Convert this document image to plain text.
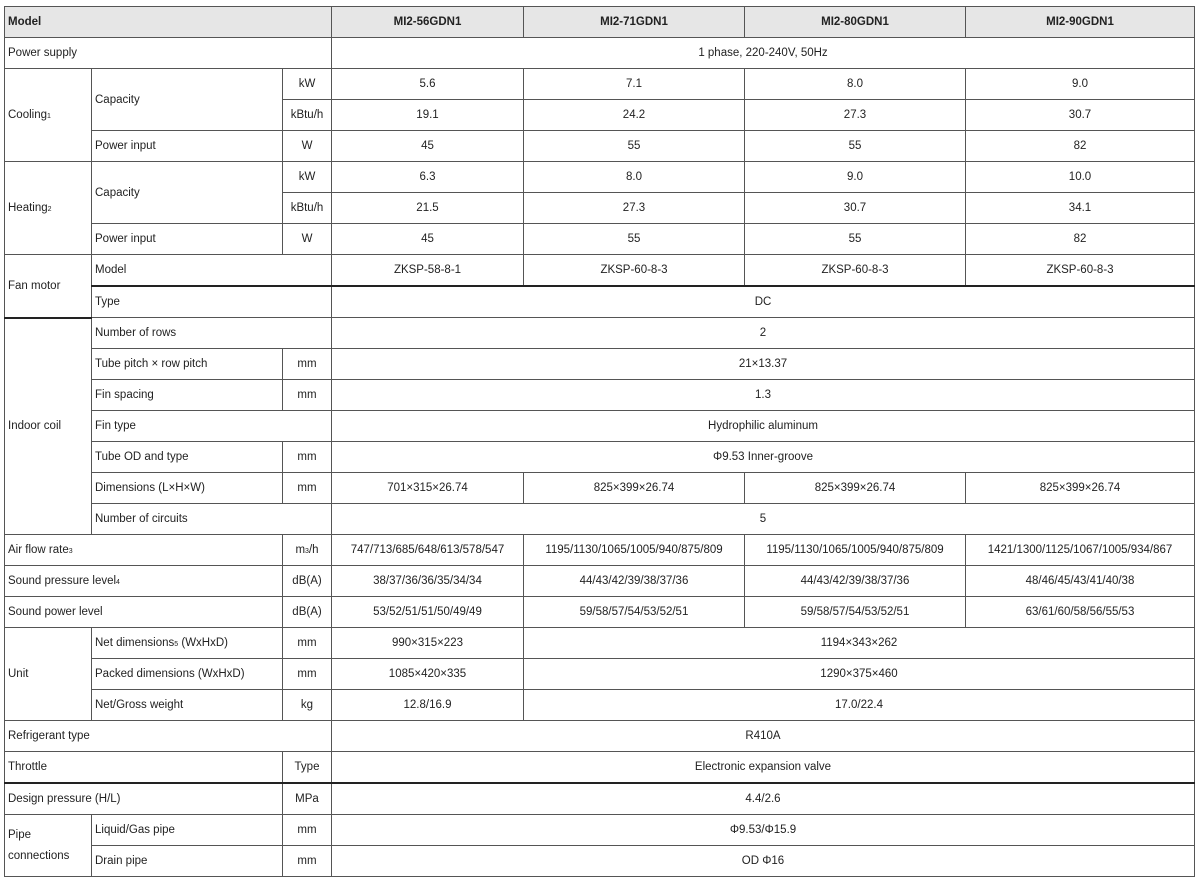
Model			MI2-56GDN1	MI2-71GDN1	MI2-80GDN1	MI2-90GDN1
Power supply			1 phase, 220-240V, 50Hz			
Cooling1	Capacity	kW	5.6	7.1	8.0	9.0
		kBtu/h	19.1	24.2	27.3	30.7
	Power input	W	45	55	55	82
Heating2	Capacity	kW	6.3	8.0	9.0	10.0
		kBtu/h	21.5	27.3	30.7	34.1
	Power input	W	45	55	55	82
Fan motor	Model		ZKSP-58-8-1	ZKSP-60-8-3	ZKSP-60-8-3	ZKSP-60-8-3
	Type		DC			
Indoor coil	Number of rows		2			
	Tube pitch × row pitch	mm	21×13.37			
	Fin spacing	mm	1.3			
	Fin type		Hydrophilic aluminum			
	Tube OD and type	mm	Φ9.53 Inner-groove			
	Dimensions (L×H×W)	mm	701×315×26.74	825×399×26.74	825×399×26.74	825×399×26.74
	Number of circuits		5			
Air flow rate3		m3/h	747/713/685/648/613/578/547	1195/1130/1065/1005/940/875/809	1195/1130/1065/1005/940/875/809	1421/1300/1125/1067/1005/934/867
Sound pressure level4		dB(A)	38/37/36/36/35/34/34	44/43/42/39/38/37/36	44/43/42/39/38/37/36	48/46/45/43/41/40/38
Sound power level		dB(A)	53/52/51/51/50/49/49	59/58/57/54/53/52/51	59/58/57/54/53/52/51	63/61/60/58/56/55/53
Unit	Net dimensions5 (WxHxD)	mm	990×315×223	1194×343×262		
	Packed dimensions (WxHxD)	mm	1085×420×335	1290×375×460		
	Net/Gross weight	kg	12.8/16.9	17.0/22.4		
Refrigerant type			R410A			
Throttle		Type	Electronic expansion valve			
Design pressure (H/L)		MPa	4.4/2.6			
Pipe
connections	Liquid/Gas pipe	mm	Φ9.53/Φ15.9			
	Drain pipe	mm	OD Φ16			
